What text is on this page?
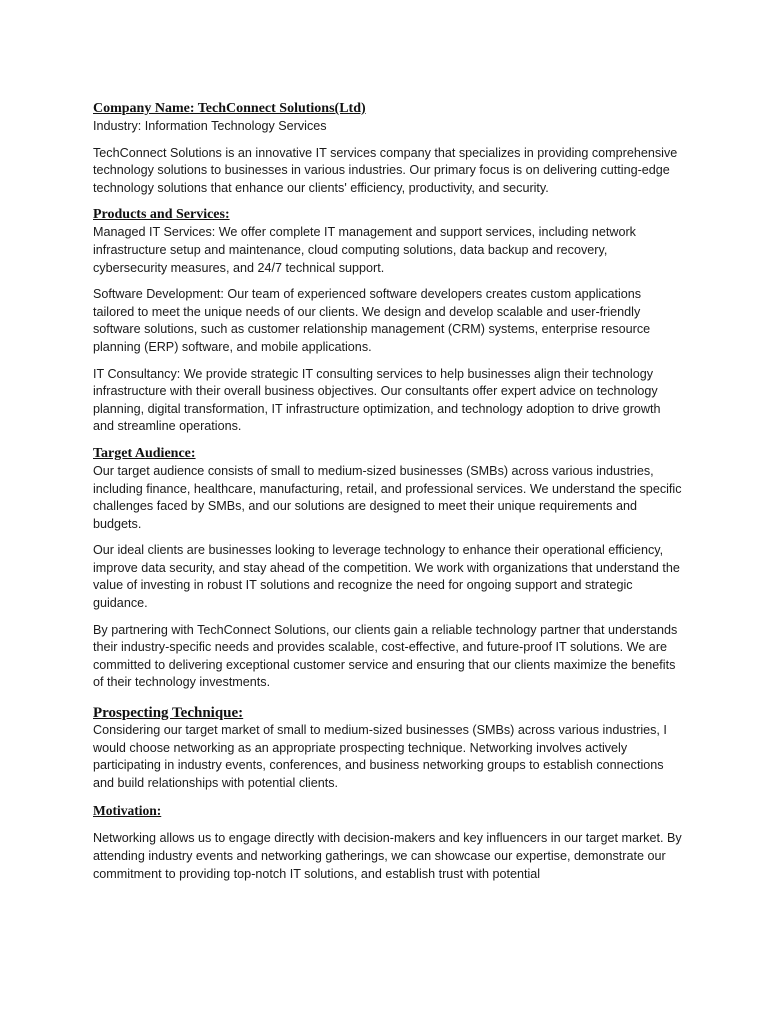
Company Name: TechConnect Solutions(Ltd)

Industry: Information Technology Services

TechConnect Solutions is an innovative IT services company that specializes in providing comprehensive technology solutions to businesses in various industries. Our primary focus is on delivering cutting-edge technology solutions that enhance our clients' efficiency, productivity, and security.

Products and Services:

Managed IT Services: We offer complete IT management and support services, including network infrastructure setup and maintenance, cloud computing solutions, data backup and recovery, cybersecurity measures, and 24/7 technical support.

Software Development: Our team of experienced software developers creates custom applications tailored to meet the unique needs of our clients. We design and develop scalable and user-friendly software solutions, such as customer relationship management (CRM) systems, enterprise resource planning (ERP) software, and mobile applications.

IT Consultancy: We provide strategic IT consulting services to help businesses align their technology infrastructure with their overall business objectives. Our consultants offer expert advice on technology planning, digital transformation, IT infrastructure optimization, and technology adoption to drive growth and streamline operations.

Target Audience:

Our target audience consists of small to medium-sized businesses (SMBs) across various industries, including finance, healthcare, manufacturing, retail, and professional services. We understand the specific challenges faced by SMBs, and our solutions are designed to meet their unique requirements and budgets.

Our ideal clients are businesses looking to leverage technology to enhance their operational efficiency, improve data security, and stay ahead of the competition. We work with organizations that understand the value of investing in robust IT solutions and recognize the need for ongoing support and strategic guidance.

By partnering with TechConnect Solutions, our clients gain a reliable technology partner that understands their industry-specific needs and provides scalable, cost-effective, and future-proof IT solutions. We are committed to delivering exceptional customer service and ensuring that our clients maximize the benefits of their technology investments.

Prospecting Technique:

Considering our target market of small to medium-sized businesses (SMBs) across various industries, I would choose networking as an appropriate prospecting technique. Networking involves actively participating in industry events, conferences, and business networking groups to establish connections and build relationships with potential clients.

Motivation:

Networking allows us to engage directly with decision-makers and key influencers in our target market. By attending industry events and networking gatherings, we can showcase our expertise, demonstrate our commitment to providing top-notch IT solutions, and establish trust with potential
